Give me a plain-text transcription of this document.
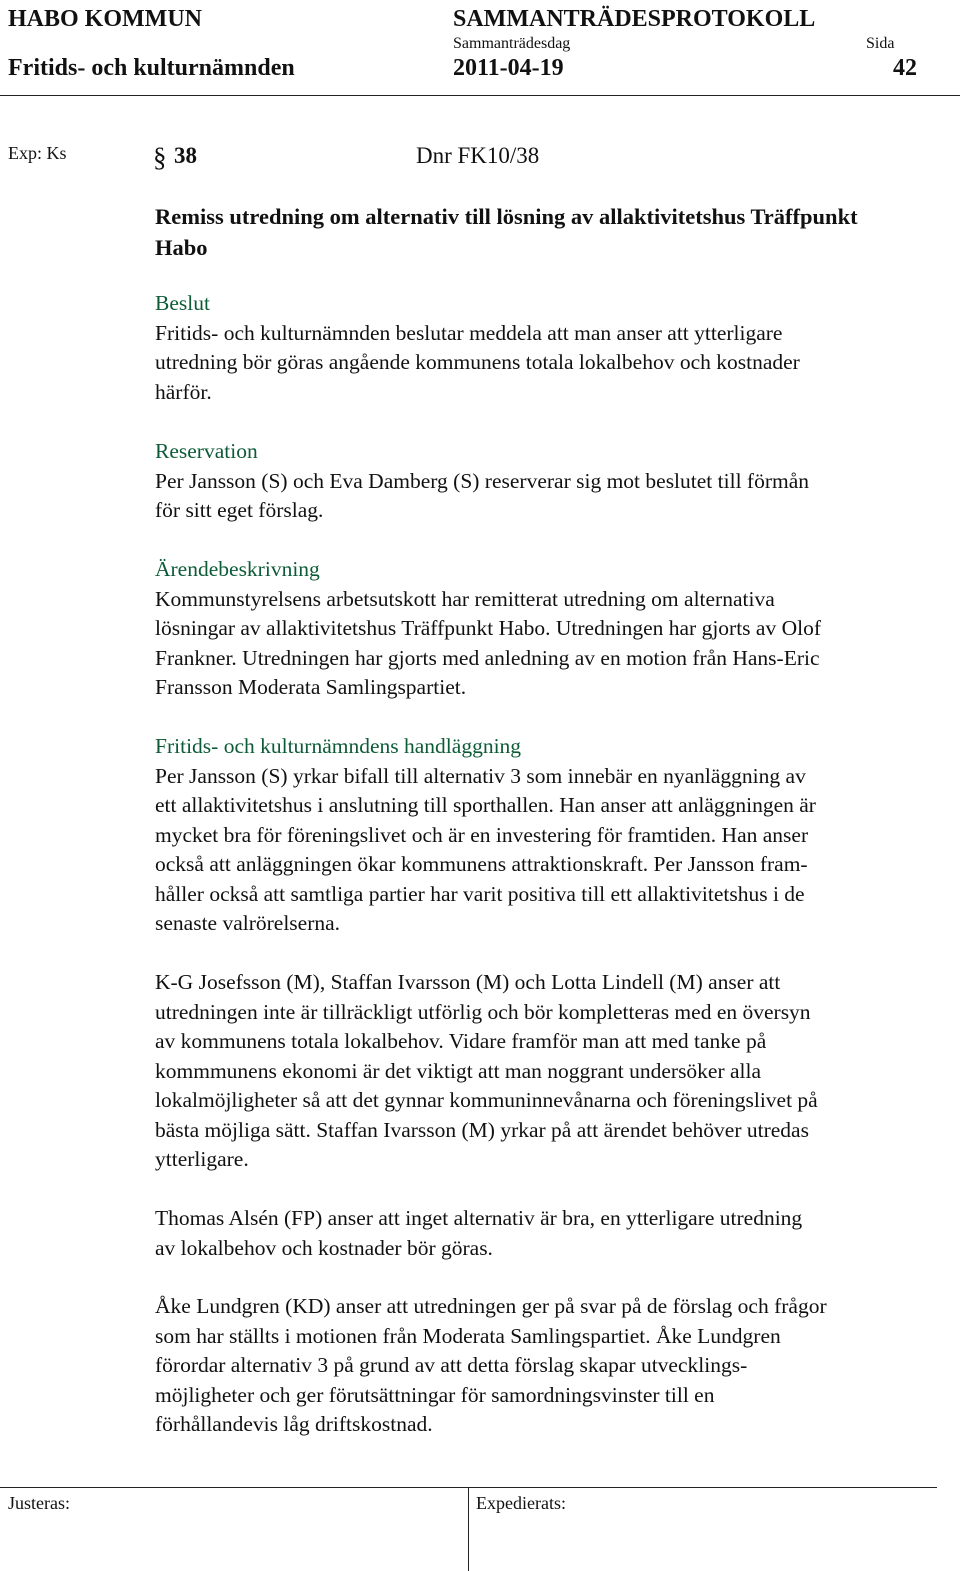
HABO KOMMUN
Fritids- och kulturnämnden
SAMMANTRÄDESPROTOKOLL
Sammanträdesdag
2011-04-19
Sida
42
Exp: Ks	§ 38	Dnr FK10/38

Remiss utredning om alternativ till lösning av allaktivitetshus Träffpunkt

Habo

Beslut

Fritids- och kulturnämnden beslutar meddela att man anser att ytterligare

utredning bör göras angående kommunens totala lokalbehov och kostnader

härför.

Reservation

Per Jansson (S) och Eva Damberg (S) reserverar sig mot beslutet till förmån

för sitt eget förslag.

Ärendebeskrivning

Kommunstyrelsens arbetsutskott har remitterat utredning om alternativa

lösningar av allaktivitetshus Träffpunkt Habo. Utredningen har gjorts av Olof

Frankner. Utredningen har gjorts med anledning av en motion från Hans-Eric

Fransson Moderata Samlingspartiet.

Fritids- och kulturnämndens handläggning

Per Jansson (S) yrkar bifall till alternativ 3 som innebär en nyanläggning av

ett allaktivitetshus i anslutning till sporthallen. Han anser att anläggningen är

mycket bra för föreningslivet och är en investering för framtiden. Han anser

också att anläggningen ökar kommunens attraktionskraft. Per Jansson fram-

håller också att samtliga partier har varit positiva till ett allaktivitetshus i de

senaste valrörelserna.

K-G Josefsson (M), Staffan Ivarsson (M) och Lotta Lindell (M) anser att

utredningen inte är tillräckligt utförlig och bör kompletteras med en översyn

av kommunens totala lokalbehov. Vidare framför man att med tanke på

kommmunens ekonomi är det viktigt att man noggrant undersöker alla

lokalmöjligheter så att det gynnar kommuninnevånarna och föreningslivet på

bästa möjliga sätt. Staffan Ivarsson (M) yrkar på att ärendet behöver utredas

ytterligare.

Thomas Alsén (FP) anser att inget alternativ är bra, en ytterligare utredning

av lokalbehov och kostnader bör göras.

Åke Lundgren (KD) anser att utredningen ger på svar på de förslag och frågor

som har ställts i motionen från Moderata Samlingspartiet. Åke Lundgren

förordar alternativ 3 på grund av att detta förslag skapar utvecklings-

möjligheter och ger förutsättningar för samordningsvinster till en

förhållandevis låg driftskostnad.

Justeras:	Expedierats:
